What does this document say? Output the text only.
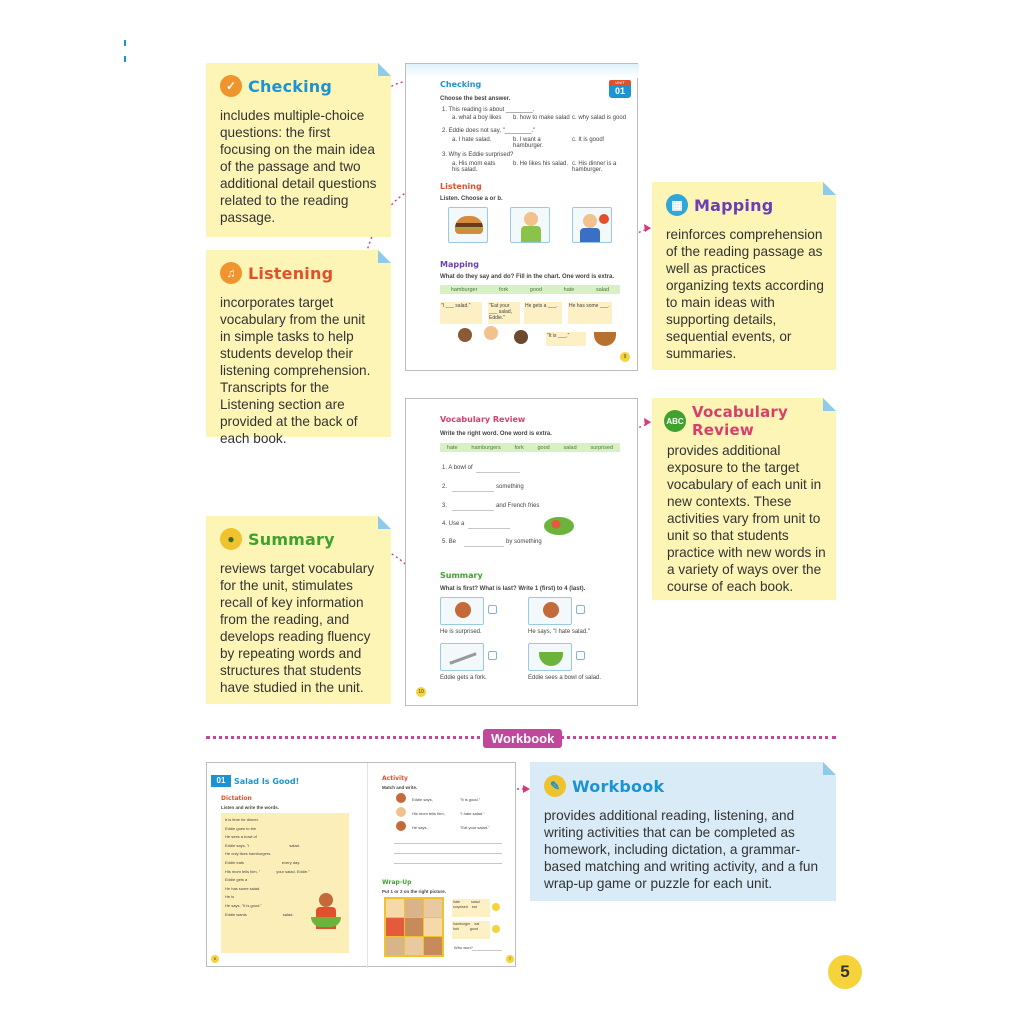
✓ Checking

includes multiple-choice questions: the first focusing on the main idea of the passage and two additional detail questions related to the reading passage.

♫ Listening

incorporates target vocabulary from the unit in simple tasks to help students develop their listening comprehension. Transcripts for the Listening section are provided at the back of each book.

● Summary

reviews target vocabulary for the unit, stimulates recall of key information from the reading, and develops reading fluency by repeating words and structures that students have studied in the unit.

▦ Mapping

reinforces comprehension of the reading passage as well as practices organizing texts according to main ideas with supporting details, sequential events, or summaries.

ABC Vocabulary Review

provides additional exposure to the target vocabulary of each unit in new contexts. These activities vary from unit to unit so that students practice with new words in a variety of ways over the course of each book.

✎ Workbook

provides additional reading, listening, and writing activities that can be completed as homework, including dictation, a grammar-based matching and writing activity, and a fun wrap-up game or puzzle for each unit.

UNIT
01
Checking
Choose the best answer.
1. This reading is about ________.
a. what a boy likes b. how to make salad c. why salad is good
2. Eddie does not say, "________."
a. I hate salad.	b. I want a hamburger.
c. It is good!
3. Why is Eddie surprised?
a. His mom eats his salad.
b. He likes his salad. c. His dinner is a hamburger.
Listening
Listen. Choose a or b.
Mapping
What do they say and do? Fill in the chart. One word is extra.
hamburger	fork	good	hate	salad
"I ___ salad."	"Eat your ___ salad, Eddie."
He gets a ___.	He has some ___.
"It is ___."
9
Vocabulary Review
Write the right word. One word is extra.
hate	hamburgers	fork	good	salad	surprised
1. A bowl of
2.	something
3.	and French fries
4. Use a
5. Be	by something
Summary
What is first? What is last? Write 1 (first) to 4 (last).
He is surprised.	He says, "I hate salad."
Eddie gets a fork.	Eddie sees a bowl of salad.
10
Workbook
01	Salad Is Good!
Dictation
Listen and write the words.
It is time for dinner.
Eddie goes to the
He sees a bowl of
Eddie says, "I	salad.
He only likes hamburgers.
Eddie eats	every day.
His mom tells him, "	your salad, Eddie."
Eddie gets a
He has some salad.
He is
He says, "It is good."
Eddie wants	salad.
6
Activity
Match and write.
Eddie says,	"It is good."
His mom tells him,	"I hate salad."
He says,	"Eat your salad."
Wrap-Up
Put 1 or 2 on the right picture.
hate	salad
surprised eat
hamburger eat
fork	good
Who won?
7
5
